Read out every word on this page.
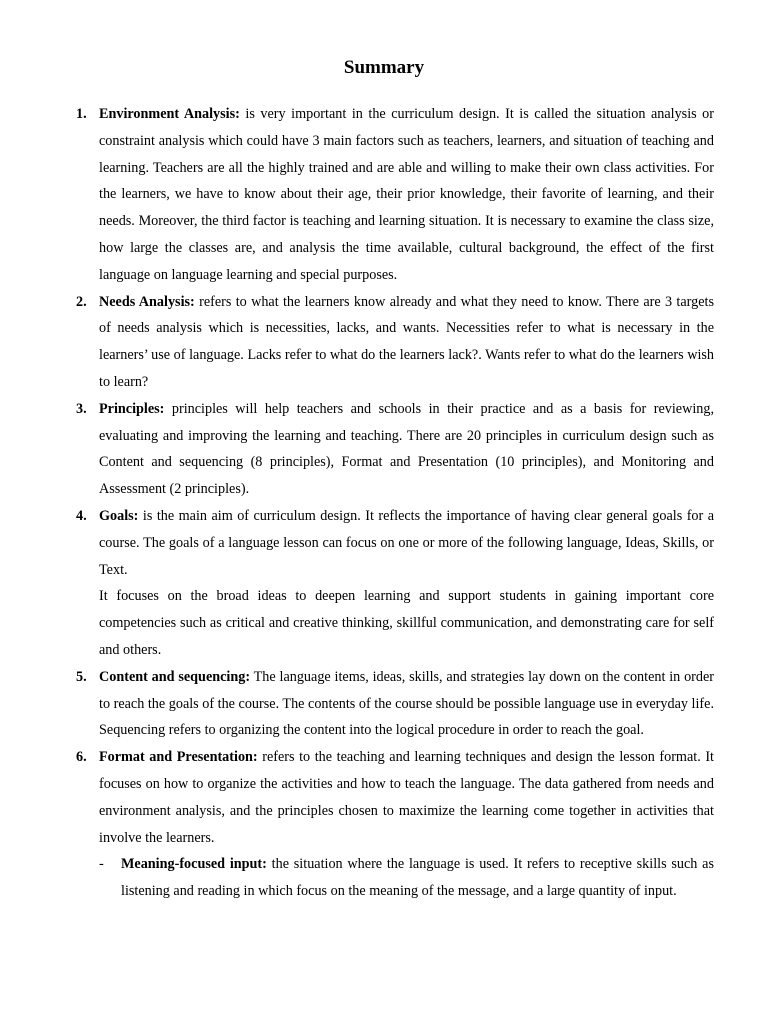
Summary
1. Environment Analysis: is very important in the curriculum design. It is called the situation analysis or constraint analysis which could have 3 main factors such as teachers, learners, and situation of teaching and learning. Teachers are all the highly trained and are able and willing to make their own class activities. For the learners, we have to know about their age, their prior knowledge, their favorite of learning, and their needs. Moreover, the third factor is teaching and learning situation. It is necessary to examine the class size, how large the classes are, and analysis the time available, cultural background, the effect of the first language on language learning and special purposes.
2. Needs Analysis: refers to what the learners know already and what they need to know. There are 3 targets of needs analysis which is necessities, lacks, and wants. Necessities refer to what is necessary in the learners’ use of language. Lacks refer to what do the learners lack?. Wants refer to what do the learners wish to learn?
3. Principles: principles will help teachers and schools in their practice and as a basis for reviewing, evaluating and improving the learning and teaching. There are 20 principles in curriculum design such as Content and sequencing (8 principles), Format and Presentation (10 principles), and Monitoring and Assessment (2 principles).
4. Goals: is the main aim of curriculum design. It reflects the importance of having clear general goals for a course. The goals of a language lesson can focus on one or more of the following language, Ideas, Skills, or Text.
It focuses on the broad ideas to deepen learning and support students in gaining important core competencies such as critical and creative thinking, skillful communication, and demonstrating care for self and others.
5. Content and sequencing: The language items, ideas, skills, and strategies lay down on the content in order to reach the goals of the course. The contents of the course should be possible language use in everyday life. Sequencing refers to organizing the content into the logical procedure in order to reach the goal.
6. Format and Presentation: refers to the teaching and learning techniques and design the lesson format. It focuses on how to organize the activities and how to teach the language. The data gathered from needs and environment analysis, and the principles chosen to maximize the learning come together in activities that involve the learners.
- Meaning-focused input: the situation where the language is used. It refers to receptive skills such as listening and reading in which focus on the meaning of the message, and a large quantity of input.
